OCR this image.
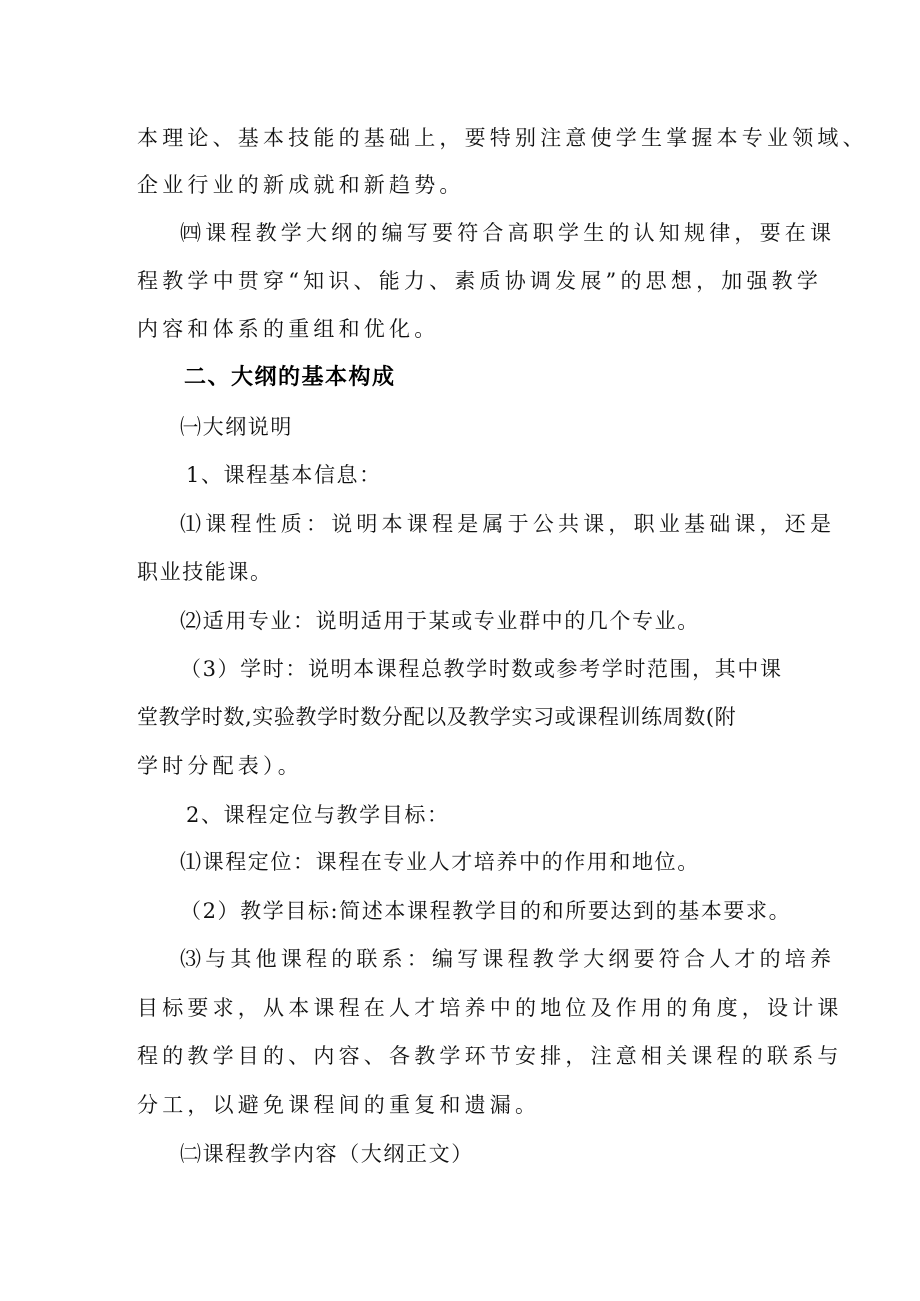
本理论、基本技能的基础上，要特别注意使学生掌握本专业领域、

企业行业的新成就和新趋势。

㈣课程教学大纲的编写要符合高职学生的认知规律，要在课

程教学中贯穿“知识、能力、素质协调发展”的思想，加强教学

内容和体系的重组和优化。

二、大纲的基本构成

㈠大纲说明

1、课程基本信息：

⑴课程性质：说明本课程是属于公共课，职业基础课，还是

职业技能课。

⑵适用专业：说明适用于某或专业群中的几个专业。

（3）学时：说明本课程总教学时数或参考学时范围，其中课

堂教学时数,实验教学时数分配以及教学实习或课程训练周数(附

学时分配表）。

2、课程定位与教学目标：

⑴课程定位：课程在专业人才培养中的作用和地位。

（2）教学目标:简述本课程教学目的和所要达到的基本要求。

⑶与其他课程的联系：编写课程教学大纲要符合人才的培养

目标要求，从本课程在人才培养中的地位及作用的角度，设计课

程的教学目的、内容、各教学环节安排，注意相关课程的联系与

分工，以避免课程间的重复和遗漏。

㈡课程教学内容（大纲正文）
